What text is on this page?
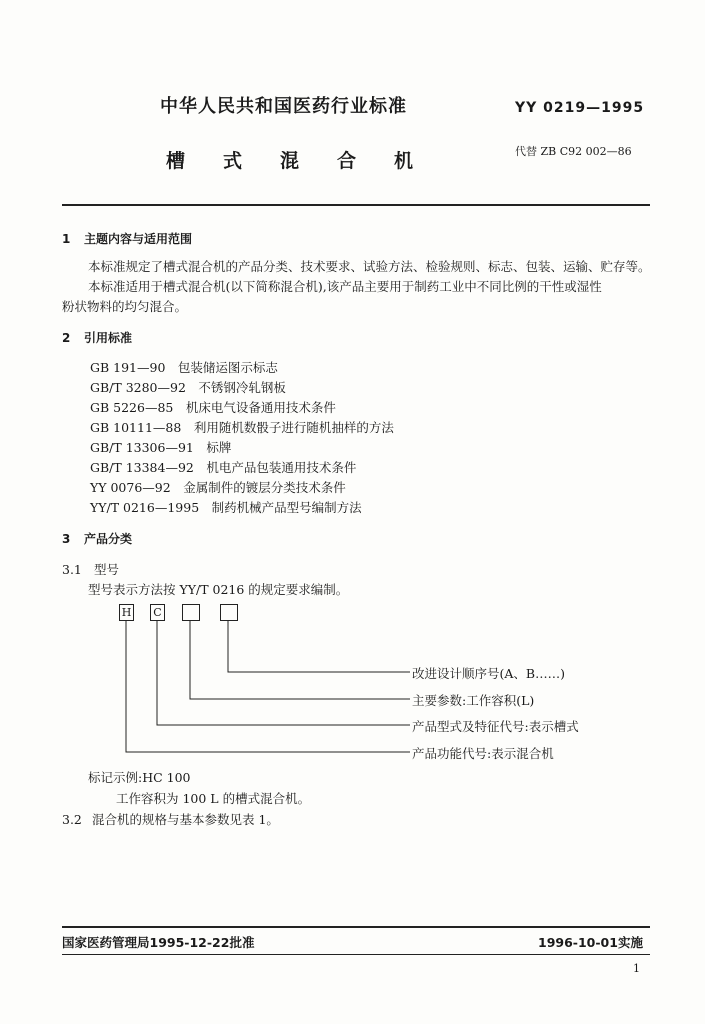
中华人民共和国医药行业标准	YY 0219—1995
槽式混合机	代替 ZB C92 002—86
1 主题内容与适用范围
本标准规定了槽式混合机的产品分类、技术要求、试验方法、检验规则、标志、包装、运输、贮存等。
本标准适用于槽式混合机(以下简称混合机),该产品主要用于制药工业中不同比例的干性或湿性
粉状物料的均匀混合。
2 引用标准
GB 191—90　包装储运图示标志
GB/T 3280—92　不锈钢冷轧钢板
GB 5226—85　机床电气设备通用技术条件
GB 10111—88　利用随机数骰子进行随机抽样的方法
GB/T 13306—91　标牌
GB/T 13384—92　机电产品包装通用技术条件
YY 0076—92　金属制件的镀层分类技术条件
YY/T 0216—1995　制药机械产品型号编制方法
3 产品分类
3.1 型号
型号表示方法按 YY/T 0216 的规定要求编制。
H C
改进设计顺序号(A、B……)
主要参数:工作容积(L)
产品型式及特征代号:表示槽式
产品功能代号:表示混合机
标记示例:HC 100
工作容积为 100 L 的槽式混合机。
3.2 混合机的规格与基本参数见表 1。
国家医药管理局1995-12-22批准	1996-10-01实施
1
